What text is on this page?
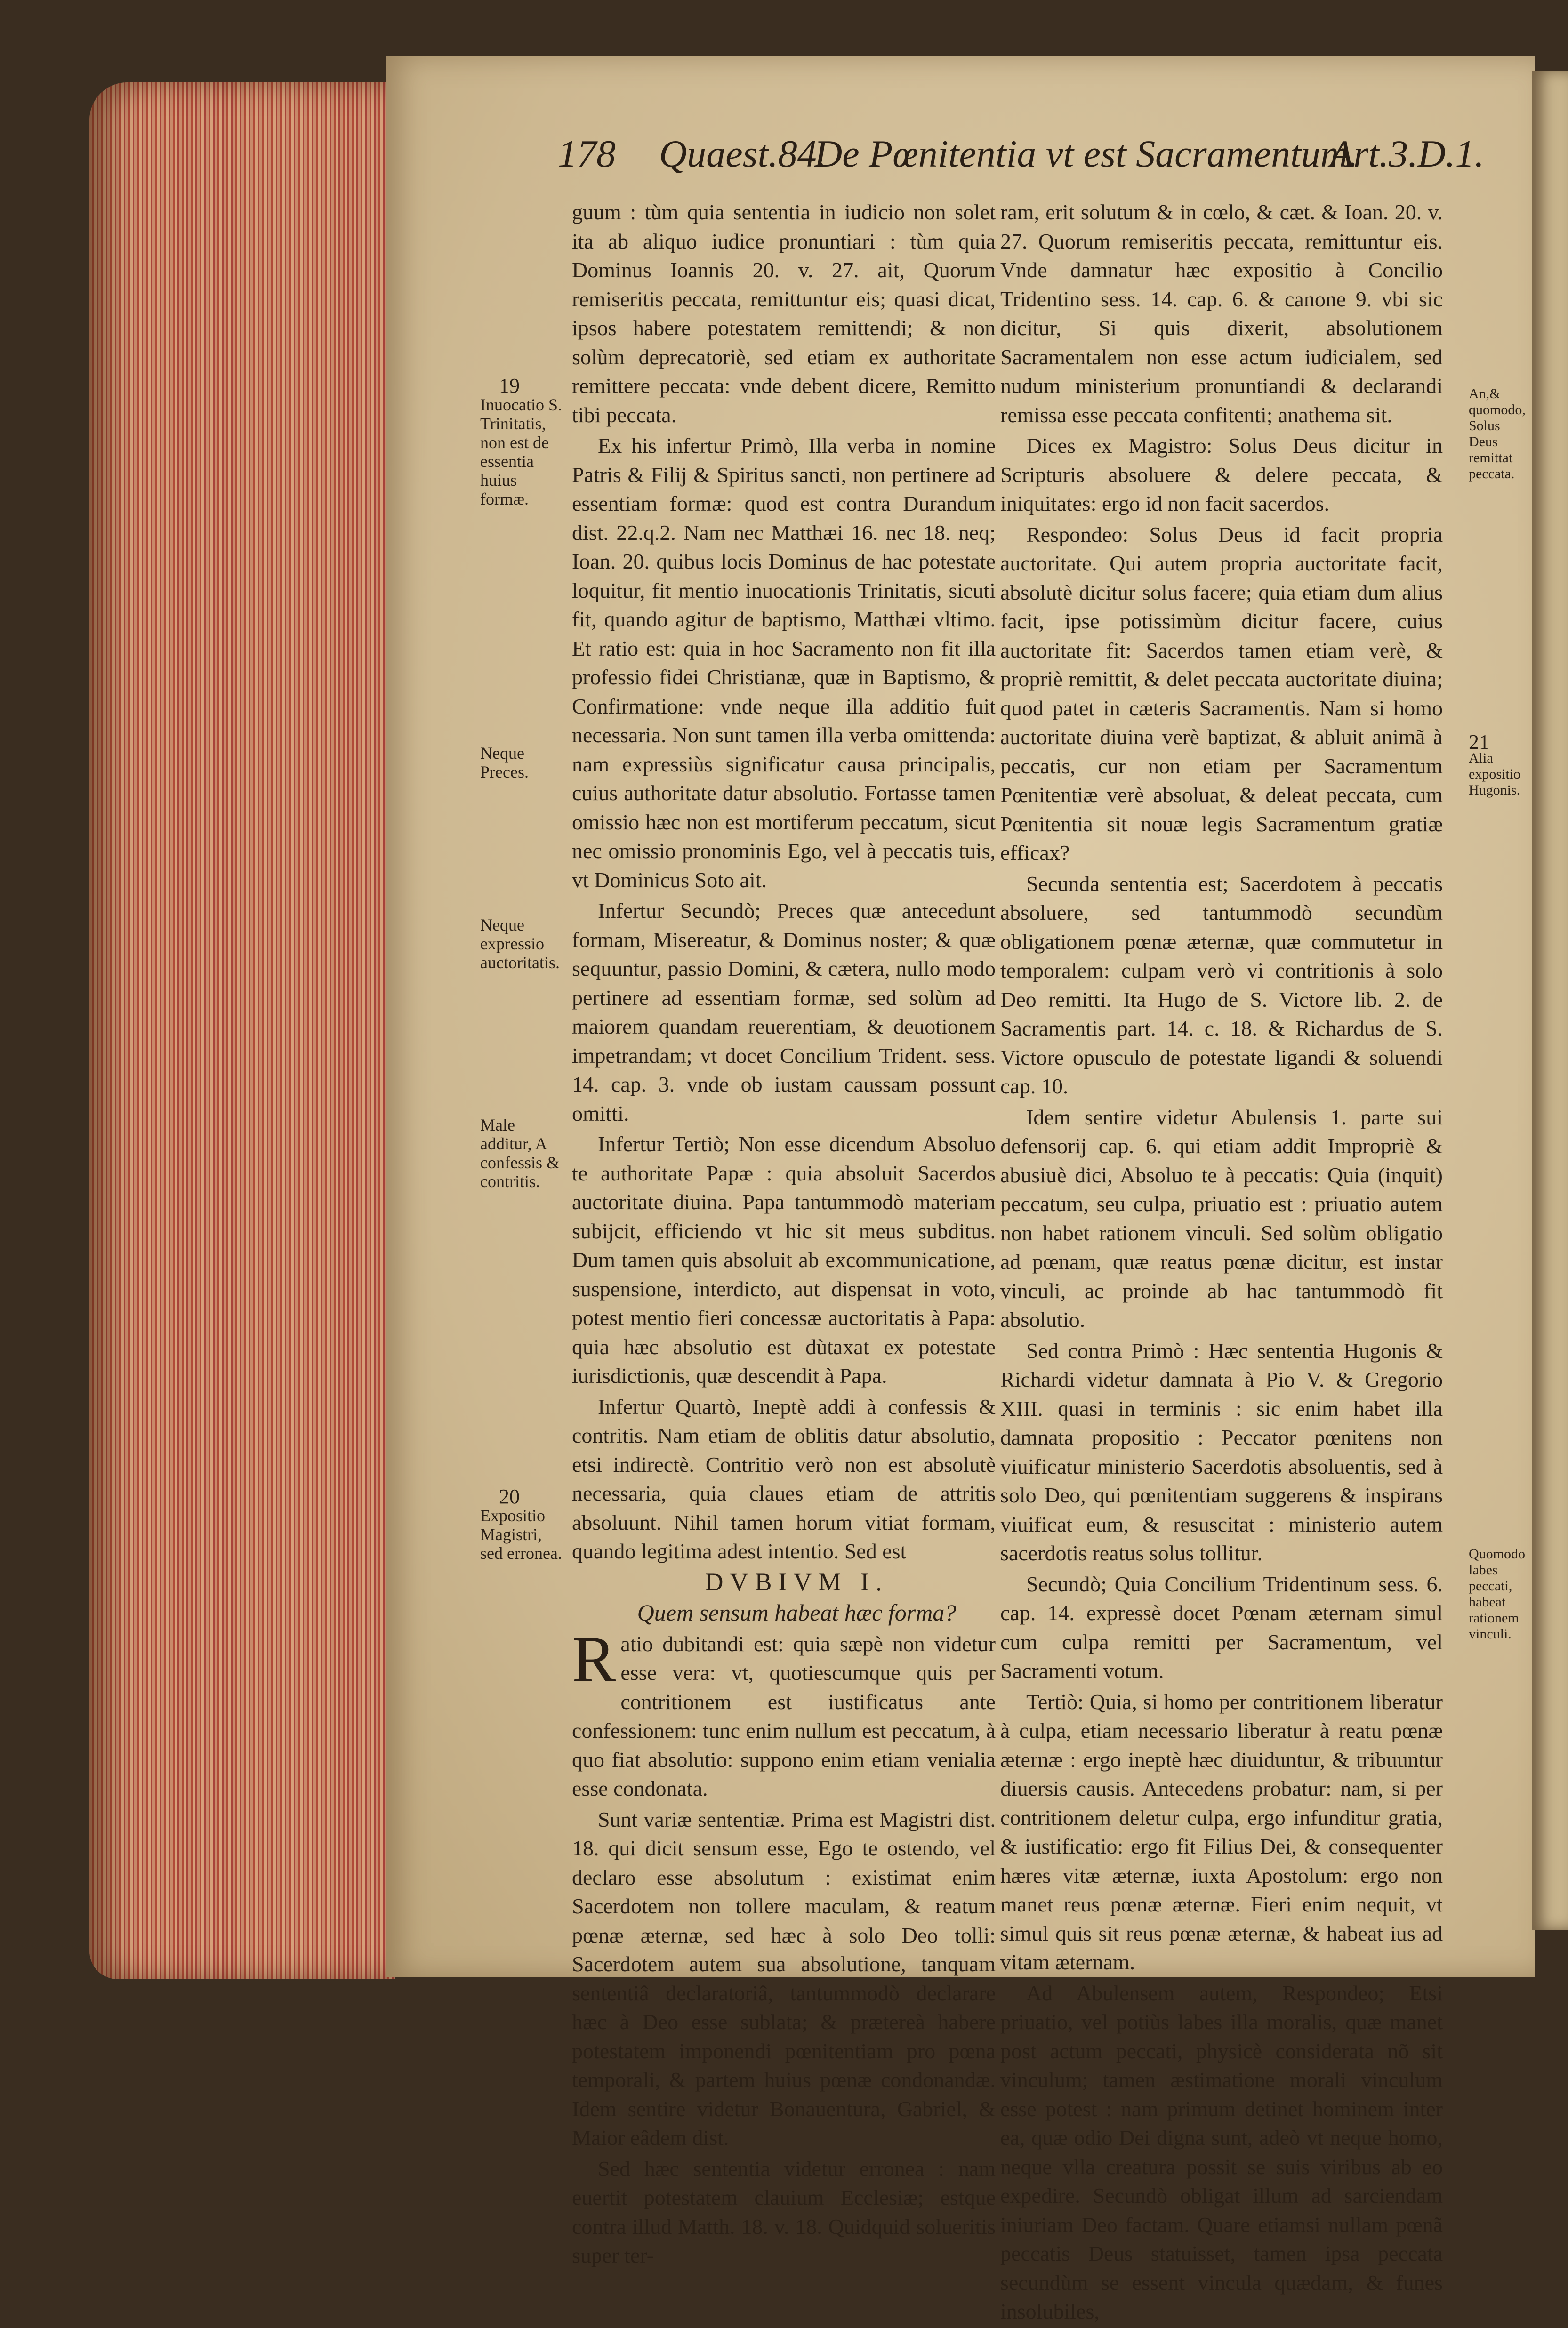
178 Quaest.84.
De Pœnitentia vt est Sacramentum.
Art.3.D.1.
19
Inuocatio S. Trinitatis, non est de essentia huius formæ.
Neque Preces.
Neque expressio auctoritatis.
Male additur, A confessis & contritis.
20
Expositio Magistri, sed erronea.
An,& quomodo, Solus Deus remittat peccata.
21
Alia expositio Hugonis.
Quomodo labes peccati, habeat rationem vinculi.

guum : tùm quia sententia in iudicio non solet ita ab aliquo iudice pronuntiari : tùm quia Dominus Ioannis 20. v. 27. ait, Quorum remiseritis peccata, remittuntur eis; quasi dicat, ipsos habere potestatem remittendi; & non solùm deprecatoriè, sed etiam ex authoritate remittere peccata: vnde debent dicere, Remitto tibi peccata.

Ex his infertur Primò, Illa verba in nomine Patris & Filij & Spiritus sancti, non pertinere ad essentiam formæ: quod est contra Durandum dist. 22.q.2. Nam nec Matthæi 16. nec 18. neq; Ioan. 20. quibus locis Dominus de hac potestate loquitur, fit mentio inuocationis Trinitatis, sicuti fit, quando agitur de baptismo, Matthæi vltimo. Et ratio est: quia in hoc Sacramento non fit illa professio fidei Christianæ, quæ in Baptismo, & Confirmatione: vnde neque illa additio fuit necessaria. Non sunt tamen illa verba omittenda: nam expressiùs significatur causa principalis, cuius authoritate datur absolutio. Fortasse tamen omissio hæc non est mortiferum peccatum, sicut nec omissio pronominis Ego, vel à peccatis tuis, vt Dominicus Soto ait.

Infertur Secundò; Preces quæ antecedunt formam, Misereatur, & Dominus noster; & quæ sequuntur, passio Domini, & cætera, nullo modo pertinere ad essentiam formæ, sed solùm ad maiorem quandam reuerentiam, & deuotionem impetrandam; vt docet Concilium Trident. sess. 14. cap. 3. vnde ob iustam caussam possunt omitti.

Infertur Tertiò; Non esse dicendum Absoluo te authoritate Papæ : quia absoluit Sacerdos auctoritate diuina. Papa tantummodò materiam subijcit, efficiendo vt hic sit meus subditus. Dum tamen quis absoluit ab excommunicatione, suspensione, interdicto, aut dispensat in voto, potest mentio fieri concessæ auctoritatis à Papa: quia hæc absolutio est dùtaxat ex potestate iurisdictionis, quæ descendit à Papa.

Infertur Quartò, Ineptè addi à confessis & contritis. Nam etiam de oblitis datur absolutio, etsi indirectè. Contritio verò non est absolutè necessaria, quia claues etiam de attritis absoluunt. Nihil tamen horum vitiat formam, quando legitima adest intentio. Sed est

DVBIVM I.

Quem sensum habeat hæc forma?

Ratio dubitandi est: quia sæpè non videtur esse vera: vt, quotiescumque quis per contritionem est iustificatus ante confessionem: tunc enim nullum est peccatum, à quo fiat absolutio: suppono enim etiam venialia esse condonata.

Sunt variæ sententiæ. Prima est Magistri dist. 18. qui dicit sensum esse, Ego te ostendo, vel declaro esse absolutum : existimat enim Sacerdotem non tollere maculam, & reatum pœnæ æternæ, sed hæc à solo Deo tolli: Sacerdotem autem sua absolutione, tanquam sententiâ declaratoriâ, tantummodò declarare hæc à Deo esse sublata; & prætereà habere potestatem imponendi pœnitentiam pro pœna temporali, & partem huius pœnæ condonandæ. Idem sentire videtur Bonauentura, Gabriel, & Maior eâdem dist.

Sed hæc sententia videtur erronea : nam euertit potestatem clauium Ecclesiæ; estque contra illud Matth. 18. v. 18. Quidquid solueritis super ter-

ram, erit solutum & in cœlo, & cæt. & Ioan. 20. v. 27. Quorum remiseritis peccata, remittuntur eis. Vnde damnatur hæc expositio à Concilio Tridentino sess. 14. cap. 6. & canone 9. vbi sic dicitur, Si quis dixerit, absolutionem Sacramentalem non esse actum iudicialem, sed nudum ministerium pronuntiandi & declarandi remissa esse peccata confitenti; anathema sit.

Dices ex Magistro: Solus Deus dicitur in Scripturis absoluere & delere peccata, & iniquitates: ergo id non facit sacerdos.

Respondeo: Solus Deus id facit propria auctoritate. Qui autem propria auctoritate facit, absolutè dicitur solus facere; quia etiam dum alius facit, ipse potissimùm dicitur facere, cuius auctoritate fit: Sacerdos tamen etiam verè, & propriè remittit, & delet peccata auctoritate diuina; quod patet in cæteris Sacramentis. Nam si homo auctoritate diuina verè baptizat, & abluit animã à peccatis, cur non etiam per Sacramentum Pœnitentiæ verè absoluat, & deleat peccata, cum Pœnitentia sit nouæ legis Sacramentum gratiæ efficax?

Secunda sententia est; Sacerdotem à peccatis absoluere, sed tantummodò secundùm obligationem pœnæ æternæ, quæ commutetur in temporalem: culpam verò vi contritionis à solo Deo remitti. Ita Hugo de S. Victore lib. 2. de Sacramentis part. 14. c. 18. & Richardus de S. Victore opusculo de potestate ligandi & soluendi cap. 10.

Idem sentire videtur Abulensis 1. parte sui defensorij cap. 6. qui etiam addit Impropriè & abusiuè dici, Absoluo te à peccatis: Quia (inquit) peccatum, seu culpa, priuatio est : priuatio autem non habet rationem vinculi. Sed solùm obligatio ad pœnam, quæ reatus pœnæ dicitur, est instar vinculi, ac proinde ab hac tantummodò fit absolutio.

Sed contra Primò : Hæc sententia Hugonis & Richardi videtur damnata à Pio V. & Gregorio XIII. quasi in terminis : sic enim habet illa damnata propositio : Peccator pœnitens non viuificatur ministerio Sacerdotis absoluentis, sed à solo Deo, qui pœnitentiam suggerens & inspirans viuificat eum, & resuscitat : ministerio autem sacerdotis reatus solus tollitur.

Secundò; Quia Concilium Tridentinum sess. 6. cap. 14. expressè docet Pœnam æternam simul cum culpa remitti per Sacramentum, vel Sacramenti votum.

Tertiò: Quia, si homo per contritionem liberatur à culpa, etiam necessario liberatur à reatu pœnæ æternæ : ergo ineptè hæc diuiduntur, & tribuuntur diuersis causis. Antecedens probatur: nam, si per contritionem deletur culpa, ergo infunditur gratia, & iustificatio: ergo fit Filius Dei, & consequenter hæres vitæ æternæ, iuxta Apostolum: ergo non manet reus pœnæ æternæ. Fieri enim nequit, vt simul quis sit reus pœnæ æternæ, & habeat ius ad vitam æternam.

Ad Abulensem autem, Respondeo; Etsi priuatio, vel potiùs labes illa moralis, quæ manet post actum peccati, physicè considerata nõ sit vinculum; tamen æstimatione morali vinculum esse potest : nam primum detinet hominem inter ea, quæ odio Dei digna sunt, adeò vt neque homo, neque vlla creatura possit se suis viribus ab eo expedire. Secundò obligat illum ad sarciendam iniuriam Deo factam. Quare etiamsi nullam pœnã peccatis Deus statuisset, tamen ipsa peccata secundùm se essent vincula quædam, & funes insolubiles,
